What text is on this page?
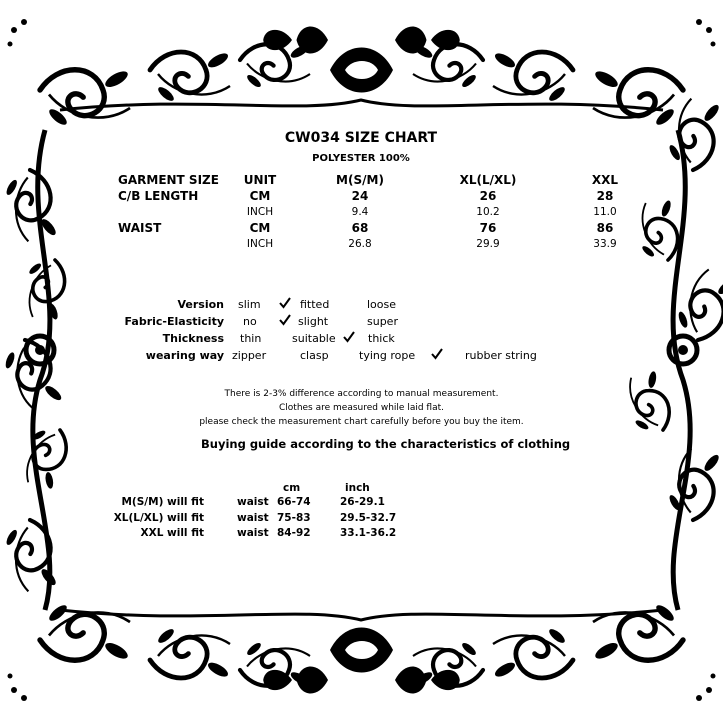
CW034 SIZE CHART
POLYESTER 100%
GARMENT SIZE	UNIT	M(S/M)	XL(L/XL)	XXL
C/B LENGTH	CM	24	26	28
INCH	9.4	10.2	11.0
WAIST	CM	68	76	86
INCH	26.8	29.9	33.9
Version slim	fitted	loose
Fabric-Elasticity no	slight	super
Thickness thin	suitable	thick
wearing way zipper	clasp	tying rope	rubber string
There is 2-3% difference according to manual measurement.
Clothes are measured while laid flat.
please check the measurement chart carefully before you buy the item.
Buying guide according to the characteristics of clothing
cm	inch
M(S/M) will fit	waist 66-74	26-29.1
XL(L/XL) will fit	waist 75-83	29.5-32.7
XXL will fit	waist 84-92	33.1-36.2
